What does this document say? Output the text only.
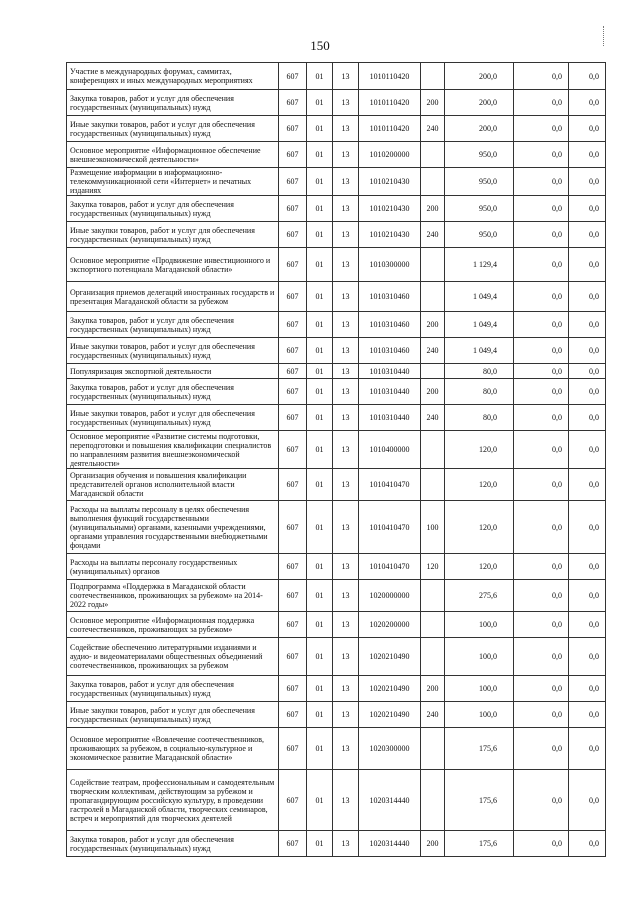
150
Участие в международных форумах, саммитах, конференциях и иных международных мероприятиях	607	01	13	1010110420		200,0	0,0	0,0
Закупка товаров, работ и услуг для обеспечения государственных (муниципальных) нужд	607	01	13	1010110420	200	200,0	0,0	0,0
Иные закупки товаров, работ и услуг для обеспечения государственных (муниципальных) нужд	607	01	13	1010110420	240	200,0	0,0	0,0
Основное мероприятие «Информационное обеспечение внешнеэкономической деятельности»	607	01	13	1010200000		950,0	0,0	0,0
Размещение информации в информационно-телекоммуникационной сети «Интернет» и печатных изданиях	607	01	13	1010210430		950,0	0,0	0,0
Закупка товаров, работ и услуг для обеспечения государственных (муниципальных) нужд	607	01	13	1010210430	200	950,0	0,0	0,0
Иные закупки товаров, работ и услуг для обеспечения государственных (муниципальных) нужд	607	01	13	1010210430	240	950,0	0,0	0,0
Основное мероприятие «Продвижение инвестиционного и экспортного потенциала Магаданской области»	607	01	13	1010300000		1 129,4	0,0	0,0
Организация приемов делегаций иностранных государств и презентация Магаданской области за рубежом	607	01	13	1010310460		1 049,4	0,0	0,0
Закупка товаров, работ и услуг для обеспечения государственных (муниципальных) нужд	607	01	13	1010310460	200	1 049,4	0,0	0,0
Иные закупки товаров, работ и услуг для обеспечения государственных (муниципальных) нужд	607	01	13	1010310460	240	1 049,4	0,0	0,0
Популяризация экспортной деятельности	607	01	13	1010310440		80,0	0,0	0,0
Закупка товаров, работ и услуг для обеспечения государственных (муниципальных) нужд	607	01	13	1010310440	200	80,0	0,0	0,0
Иные закупки товаров, работ и услуг для обеспечения государственных (муниципальных) нужд	607	01	13	1010310440	240	80,0	0,0	0,0
Основное мероприятие «Развитие системы подготовки, переподготовки и повышения квалификации специалистов по направлениям развития внешнеэкономической деятельности»	607	01	13	1010400000		120,0	0,0	0,0
Организация обучения и повышения квалификации представителей органов исполнительной власти Магаданской области	607	01	13	1010410470		120,0	0,0	0,0
Расходы на выплаты персоналу в целях обеспечения выполнения функций государственными (муниципальными) органами, казенными учреждениями, органами управления государственными внебюджетными фондами	607	01	13	1010410470	100	120,0	0,0	0,0
Расходы на выплаты персоналу государственных (муниципальных) органов	607	01	13	1010410470	120	120,0	0,0	0,0
Подпрограмма «Поддержка в Магаданской области соотечественников, проживающих за рубежом» на 2014-2022 годы»	607	01	13	1020000000		275,6	0,0	0,0
Основное мероприятие «Информационная поддержка соотечественников, проживающих за рубежом»	607	01	13	1020200000		100,0	0,0	0,0
Содействие обеспечению литературными изданиями и аудио- и видеоматериалами общественных объединений соотечественников, проживающих за рубежом	607	01	13	1020210490		100,0	0,0	0,0
Закупка товаров, работ и услуг для обеспечения государственных (муниципальных) нужд	607	01	13	1020210490	200	100,0	0,0	0,0
Иные закупки товаров, работ и услуг для обеспечения государственных (муниципальных) нужд	607	01	13	1020210490	240	100,0	0,0	0,0
Основное мероприятие «Вовлечение соотечественников, проживающих за рубежом, в социально-культурное и экономическое развитие Магаданской области»	607	01	13	1020300000		175,6	0,0	0,0
Содействие театрам, профессиональным и самодеятельным творческим коллективам, действующим за рубежом и пропагандирующим российскую культуру, в проведении гастролей в Магаданской области, творческих семинаров, встреч и мероприятий для творческих деятелей	607	01	13	1020314440		175,6	0,0	0,0
Закупка товаров, работ и услуг для обеспечения государственных (муниципальных) нужд	607	01	13	1020314440	200	175,6	0,0	0,0
